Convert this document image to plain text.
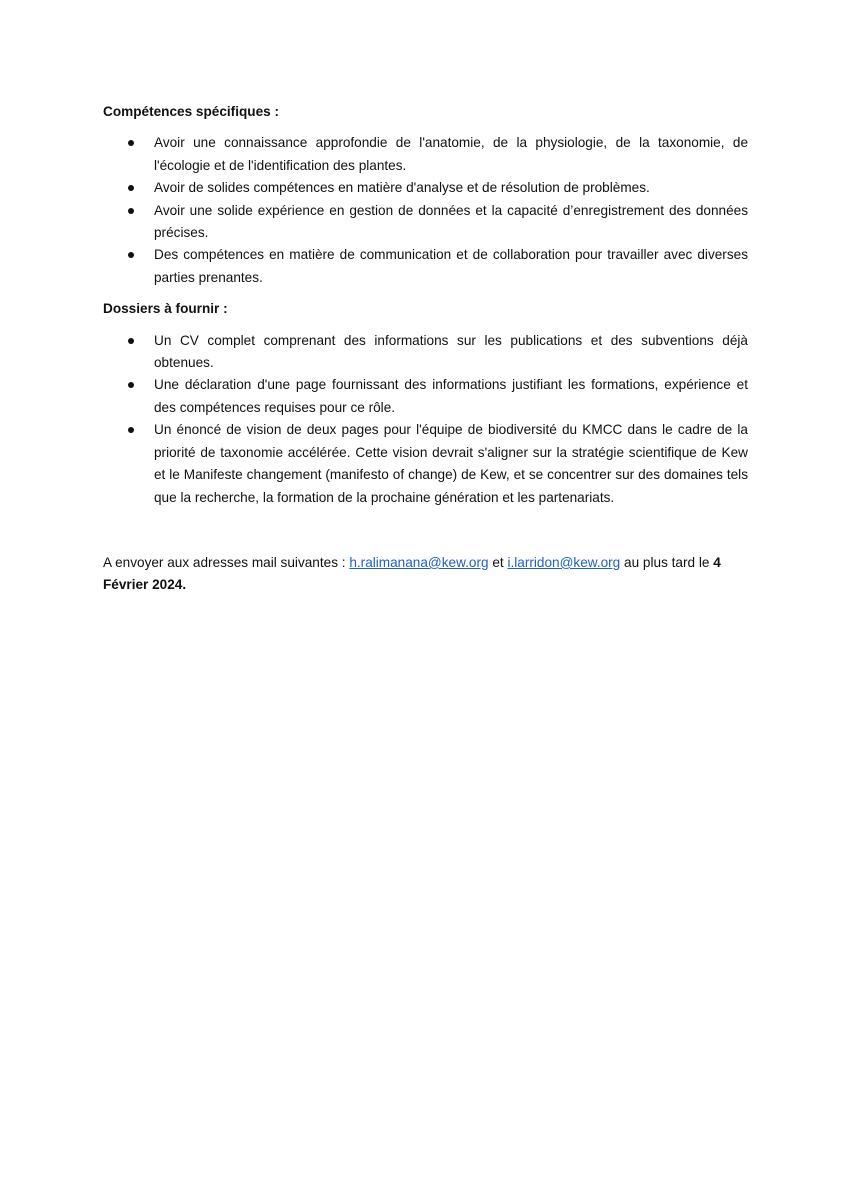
Compétences spécifiques :

Avoir une connaissance approfondie de l'anatomie, de la physiologie, de la taxonomie, de l'écologie et de l'identification des plantes.
Avoir de solides compétences en matière d'analyse et de résolution de problèmes.
Avoir une solide expérience en gestion de données et la capacité d’enregistrement des données précises.
Des compétences en matière de communication et de collaboration pour travailler avec diverses parties prenantes.

Dossiers à fournir :

Un CV complet comprenant des informations sur les publications et des subventions déjà obtenues.
Une déclaration d'une page fournissant des informations justifiant les formations, expérience et des compétences requises pour ce rôle.
Un énoncé de vision de deux pages pour l'équipe de biodiversité du KMCC dans le cadre de la priorité de taxonomie accélérée. Cette vision devrait s'aligner sur la stratégie scientifique de Kew et le Manifeste changement (manifesto of change) de Kew, et se concentrer sur des domaines tels que la recherche, la formation de la prochaine génération et les partenariats.

A envoyer aux adresses mail suivantes : h.ralimanana@kew.org et i.larridon@kew.org au plus tard le 4 Février 2024.
